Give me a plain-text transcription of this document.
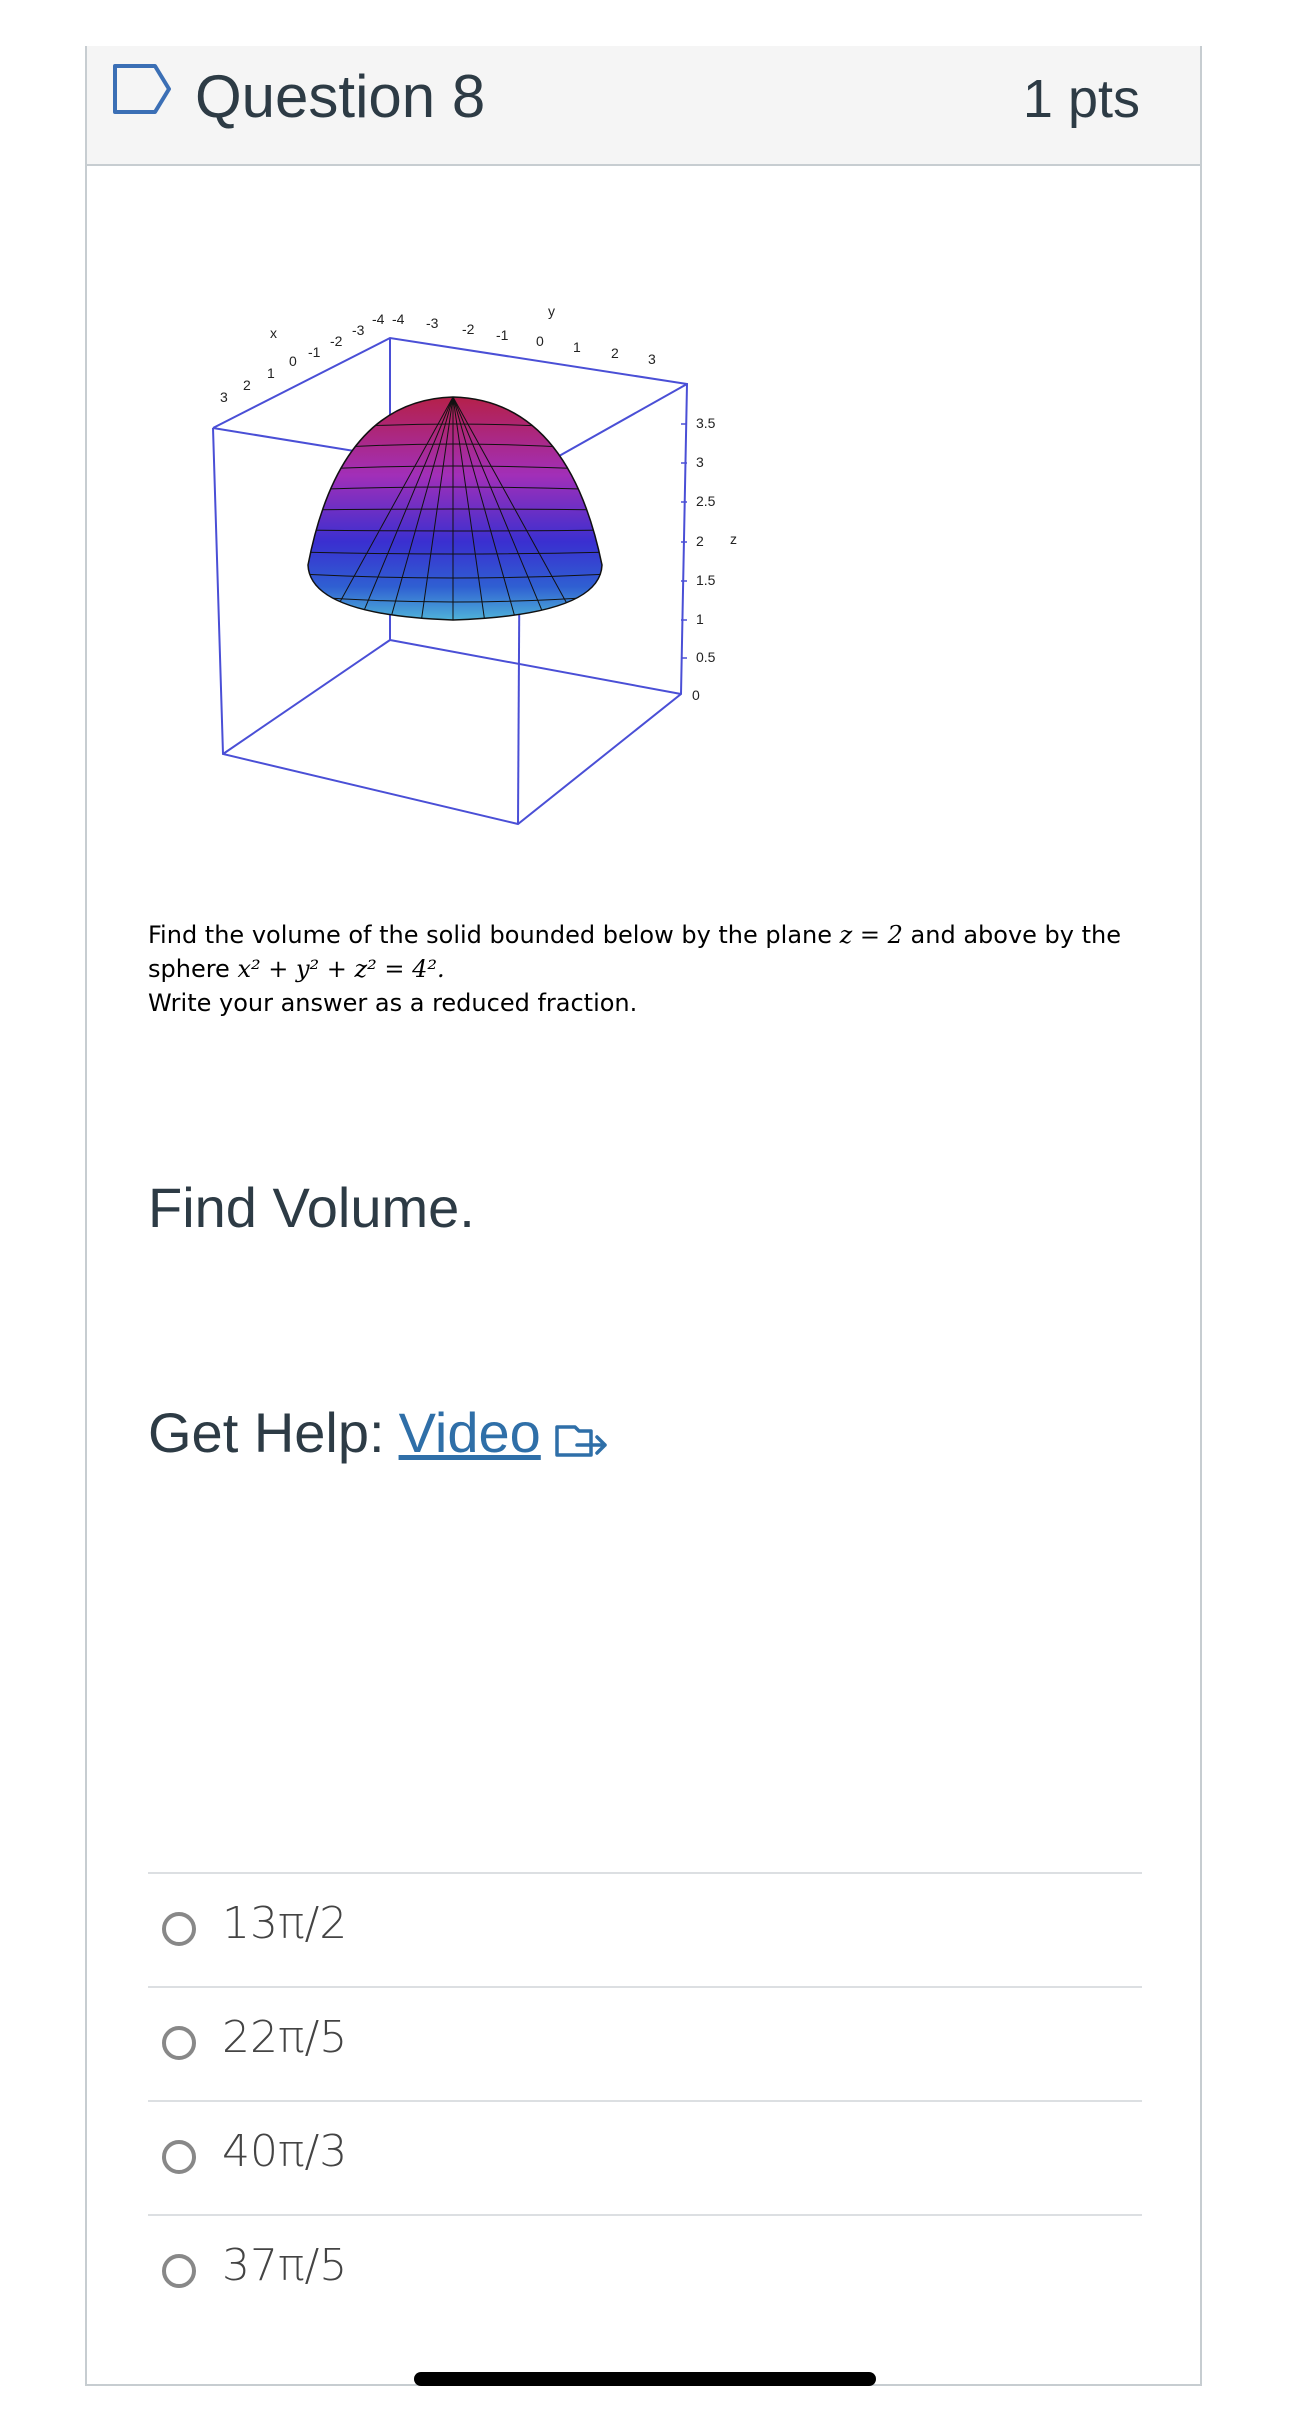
Question 8	1 pts
x
y
z
3
2
1
0
-1
-2
-3
-4 -4 -3 -2 -1 0 1 2 3
3.5
3
2.5
2
1.5
1
0.5
0
Find the volume of the solid bounded below by the plane z = 2 and above by the
sphere x² + y² + z² = 4².
Write your answer as a reduced fraction.
Find Volume.
Get Help: Video
13π/2
22π/5
40π/3
37π/5
